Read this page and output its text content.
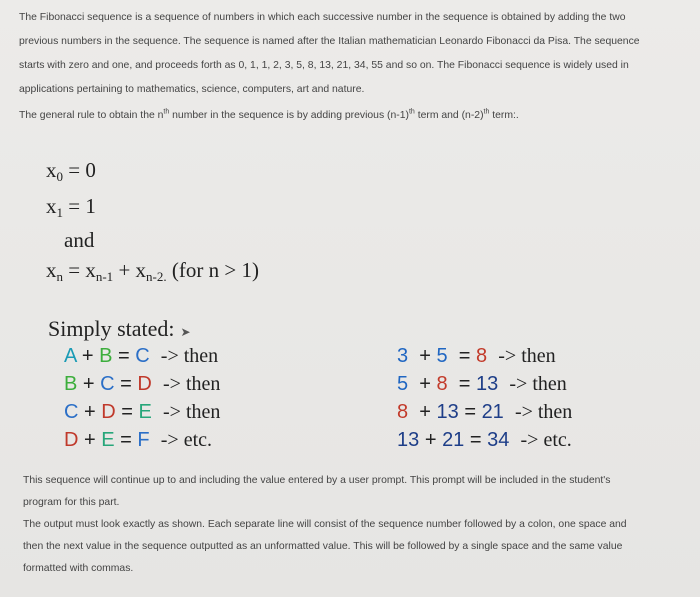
The Fibonacci sequence is a sequence of numbers in which each successive number in the sequence is obtained by adding the two

previous numbers in the sequence. The sequence is named after the Italian mathematician Leonardo Fibonacci da Pisa. The sequence

starts with zero and one, and proceeds forth as 0, 1, 1, 2, 3, 5, 8, 13, 21, 34, 55 and so on. The Fibonacci sequence is widely used in

applications pertaining to mathematics, science, computers, art and nature.

The general rule to obtain the $n^{th}$ number in the sequence is by adding previous $(n-1)^{th}$ term and $(n-2)^{th}$ term:.
$x_0 = 0$
$x_1 = 1$
and
$x_n = x_{n-1} + x_{n-2.}$ (for n > 1)
Simply stated: ➤
A + B = C -> then
B + C = D -> then
C + D = E -> then
D + E = F -> etc.
3 + 5 = 8 -> then
5 + 8 = 13 -> then
8 + 13 = 21 -> then
13 + 21 = 34 -> etc.

This sequence will continue up to and including the value entered by a user prompt. This prompt will be included in the student's

program for this part.

The output must look exactly as shown. Each separate line will consist of the sequence number followed by a colon, one space and

then the next value in the sequence outputted as an unformatted value. This will be followed by a single space and the same value

formatted with commas.
